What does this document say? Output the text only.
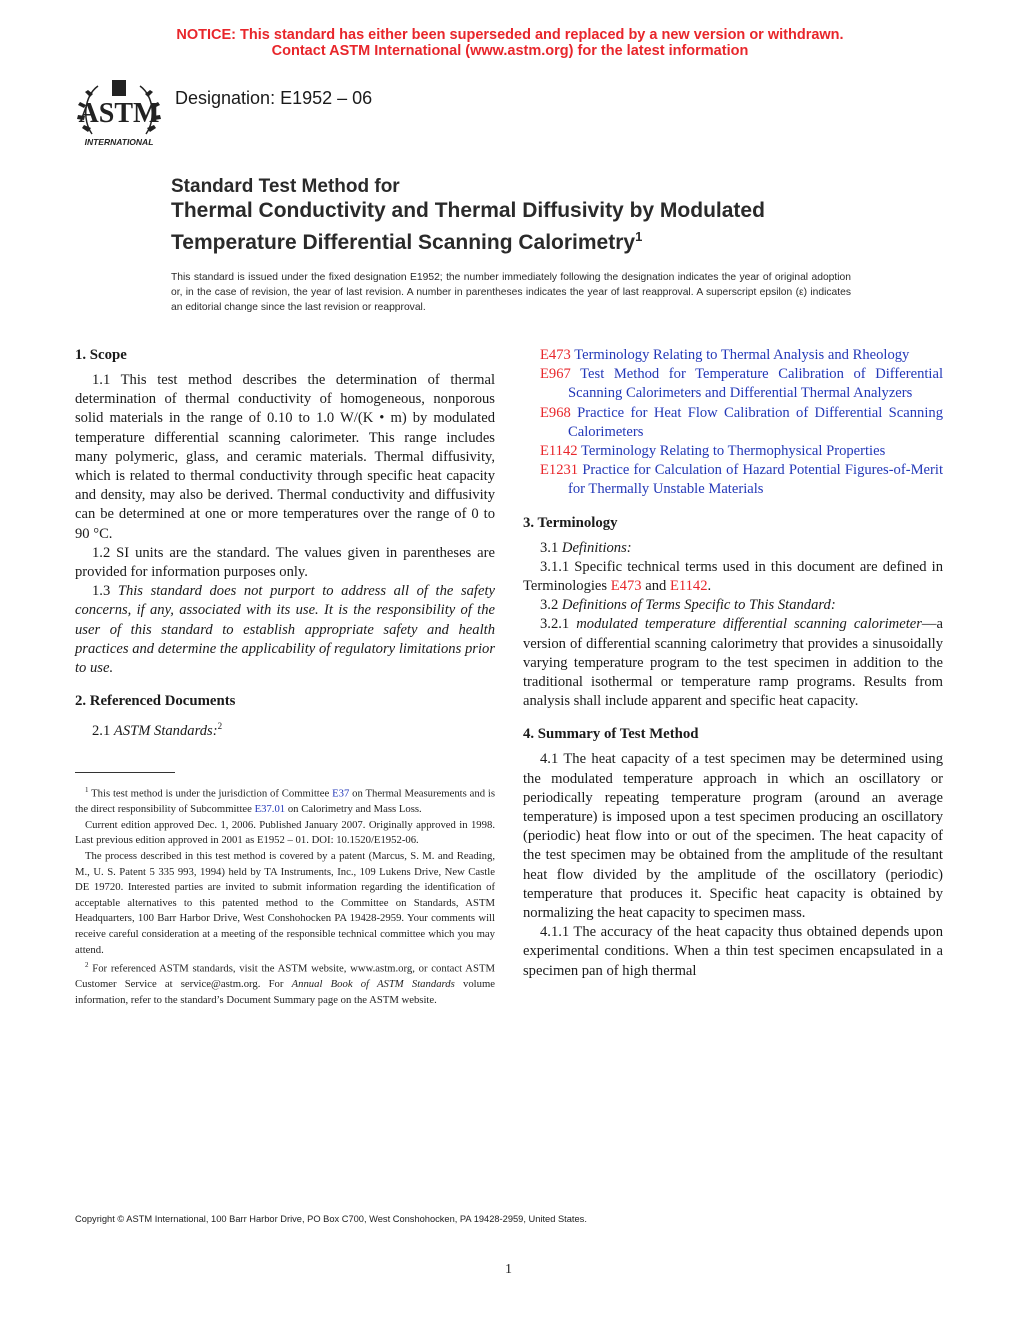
NOTICE: This standard has either been superseded and replaced by a new version or withdrawn.
Contact ASTM International (www.astm.org) for the latest information
ASTM
INTERNATIONAL
Designation: E1952 – 06
Standard Test Method for
Thermal Conductivity and Thermal Diffusivity by Modulated
Temperature Differential Scanning Calorimetry$^1$
This standard is issued under the fixed designation E1952; the number immediately following the designation indicates the year of original adoption or, in the case of revision, the year of last revision. A number in parentheses indicates the year of last reapproval. A superscript epsilon (ε) indicates an editorial change since the last revision or reapproval.
1. Scope

1.1 This test method describes the determination of thermal determination of thermal conductivity of homogeneous, nonporous solid materials in the range of 0.10 to 1.0 W/(K • m) by modulated temperature differential scanning calorimeter. This range includes many polymeric, glass, and ceramic materials. Thermal diffusivity, which is related to thermal conductivity through specific heat capacity and density, may also be derived. Thermal conductivity and diffusivity can be determined at one or more temperatures over the range of 0 to 90 °C.

1.2 SI units are the standard. The values given in parentheses are provided for information purposes only.

1.3 This standard does not purport to address all of the safety concerns, if any, associated with its use. It is the responsibility of the user of this standard to establish appropriate safety and health practices and determine the applicability of regulatory limitations prior to use.

2. Referenced Documents

2.1 ASTM Standards:$^2$

$^1$ This test method is under the jurisdiction of Committee E37 on Thermal Measurements and is the direct responsibility of Subcommittee E37.01 on Calorimetry and Mass Loss.

Current edition approved Dec. 1, 2006. Published January 2007. Originally approved in 1998. Last previous edition approved in 2001 as E1952 – 01. DOI: 10.1520/E1952-06.

The process described in this test method is covered by a patent (Marcus, S. M. and Reading, M., U. S. Patent 5 335 993, 1994) held by TA Instruments, Inc., 109 Lukens Drive, New Castle DE 19720. Interested parties are invited to submit information regarding the identification of acceptable alternatives to this patented method to the Committee on Standards, ASTM Headquarters, 100 Barr Harbor Drive, West Conshohocken PA 19428-2959. Your comments will receive careful consideration at a meeting of the responsible technical committee which you may attend.

$^2$ For referenced ASTM standards, visit the ASTM website, www.astm.org, or contact ASTM Customer Service at service@astm.org. For Annual Book of ASTM Standards volume information, refer to the standard’s Document Summary page on the ASTM website.

E473 Terminology Relating to Thermal Analysis and Rheology
E967 Test Method for Temperature Calibration of Differential Scanning Calorimeters and Differential Thermal Analyzers
E968 Practice for Heat Flow Calibration of Differential Scanning Calorimeters
E1142 Terminology Relating to Thermophysical Properties
E1231 Practice for Calculation of Hazard Potential Figures-of-Merit for Thermally Unstable Materials
3. Terminology

3.1 Definitions:

3.1.1 Specific technical terms used in this document are defined in Terminologies E473 and E1142.

3.2 Definitions of Terms Specific to This Standard:

3.2.1 modulated temperature differential scanning calorimeter—a version of differential scanning calorimetry that provides a sinusoidally varying temperature program to the test specimen in addition to the traditional isothermal or temperature ramp programs. Results from analysis shall include apparent and specific heat capacity.

4. Summary of Test Method

4.1 The heat capacity of a test specimen may be determined using the modulated temperature approach in which an oscillatory or periodically repeating temperature program (around an average temperature) is imposed upon a test specimen producing an oscillatory (periodic) heat flow into or out of the specimen. The heat capacity of the test specimen may be obtained from the amplitude of the resultant heat flow divided by the amplitude of the oscillatory (periodic) temperature that produces it. Specific heat capacity is obtained by normalizing the heat capacity to specimen mass.

4.1.1 The accuracy of the heat capacity thus obtained depends upon experimental conditions. When a thin test specimen encapsulated in a specimen pan of high thermal

Copyright © ASTM International, 100 Barr Harbor Drive, PO Box C700, West Conshohocken, PA 19428-2959, United States.
1
